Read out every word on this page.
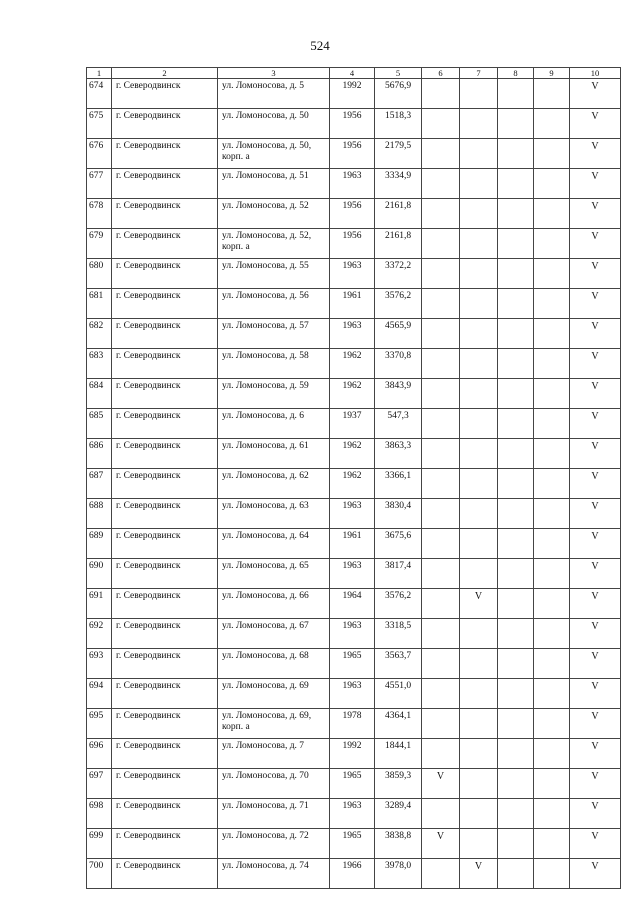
524
1	2	3	4	5	6	7	8	9	10
674	г. Северодвинск	ул. Ломоносова, д. 5	1992	5676,9					V
675	г. Северодвинск	ул. Ломоносова, д. 50	1956	1518,3					V
676	г. Северодвинск	ул. Ломоносова, д. 50, корп. а	1956	2179,5					V
677	г. Северодвинск	ул. Ломоносова, д. 51	1963	3334,9					V
678	г. Северодвинск	ул. Ломоносова, д. 52	1956	2161,8					V
679	г. Северодвинск	ул. Ломоносова, д. 52, корп. а	1956	2161,8					V
680	г. Северодвинск	ул. Ломоносова, д. 55	1963	3372,2					V
681	г. Северодвинск	ул. Ломоносова, д. 56	1961	3576,2					V
682	г. Северодвинск	ул. Ломоносова, д. 57	1963	4565,9					V
683	г. Северодвинск	ул. Ломоносова, д. 58	1962	3370,8					V
684	г. Северодвинск	ул. Ломоносова, д. 59	1962	3843,9					V
685	г. Северодвинск	ул. Ломоносова, д. 6	1937	547,3					V
686	г. Северодвинск	ул. Ломоносова, д. 61	1962	3863,3					V
687	г. Северодвинск	ул. Ломоносова, д. 62	1962	3366,1					V
688	г. Северодвинск	ул. Ломоносова, д. 63	1963	3830,4					V
689	г. Северодвинск	ул. Ломоносова, д. 64	1961	3675,6					V
690	г. Северодвинск	ул. Ломоносова, д. 65	1963	3817,4					V
691	г. Северодвинск	ул. Ломоносова, д. 66	1964	3576,2		V			V
692	г. Северодвинск	ул. Ломоносова, д. 67	1963	3318,5					V
693	г. Северодвинск	ул. Ломоносова, д. 68	1965	3563,7					V
694	г. Северодвинск	ул. Ломоносова, д. 69	1963	4551,0					V
695	г. Северодвинск	ул. Ломоносова, д. 69, корп. а	1978	4364,1					V
696	г. Северодвинск	ул. Ломоносова, д. 7	1992	1844,1					V
697	г. Северодвинск	ул. Ломоносова, д. 70	1965	3859,3	V				V
698	г. Северодвинск	ул. Ломоносова, д. 71	1963	3289,4					V
699	г. Северодвинск	ул. Ломоносова, д. 72	1965	3838,8	V				V
700	г. Северодвинск	ул. Ломоносова, д. 74	1966	3978,0		V			V
